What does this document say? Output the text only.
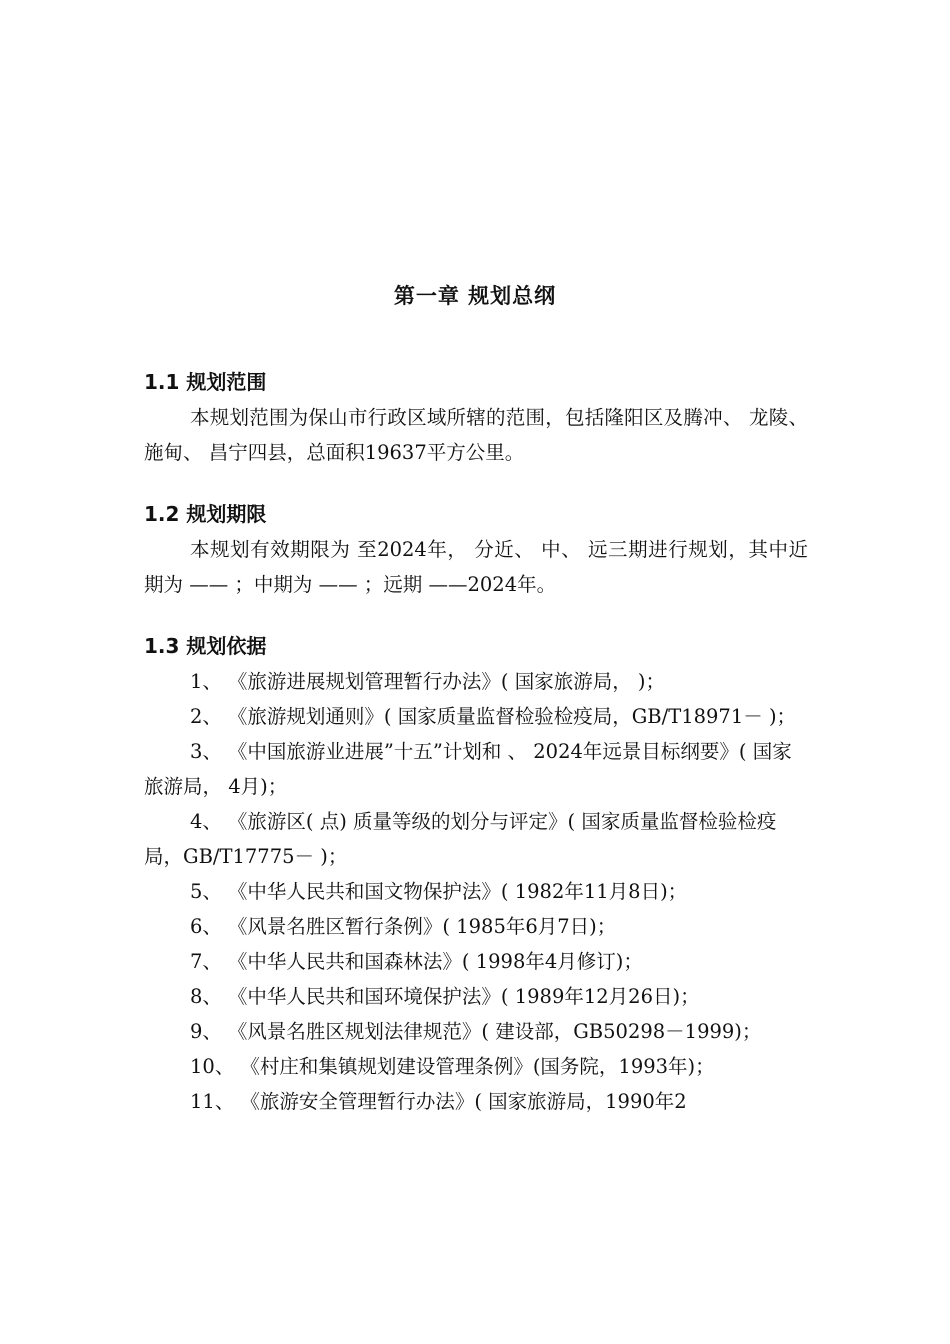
第一章 规划总纲
1.1 规划范围

本规划范围为保山市行政区域所辖的范围，包括隆阳区及腾冲、 龙陵、 施甸、 昌宁四县，总面积19637平方公里。

1.2 规划期限

本规划有效期限为 至2024年， 分近、 中、 远三期进行规划，其中近期为 —— ；中期为 —— ；远期 ——2024年。

1.3 规划依据

1、 《旅游进展规划管理暂行办法》( 国家旅游局， )；

2、 《旅游规划通则》( 国家质量监督检验检疫局，GB/T18971－ )；

3、 《中国旅游业进展”十五”计划和 、 2024年远景目标纲要》( 国家旅游局， 4月)；

4、 《旅游区( 点) 质量等级的划分与评定》( 国家质量监督检验检疫局，GB/T17775－ )；

5、 《中华人民共和国文物保护法》( 1982年11月8日)；

6、 《风景名胜区暂行条例》( 1985年6月7日)；

7、 《中华人民共和国森林法》( 1998年4月修订)；

8、 《中华人民共和国环境保护法》( 1989年12月26日)；

9、 《风景名胜区规划法律规范》( 建设部，GB50298－1999)；

10、 《村庄和集镇规划建设管理条例》(国务院，1993年)；

11、 《旅游安全管理暂行办法》( 国家旅游局，1990年2
